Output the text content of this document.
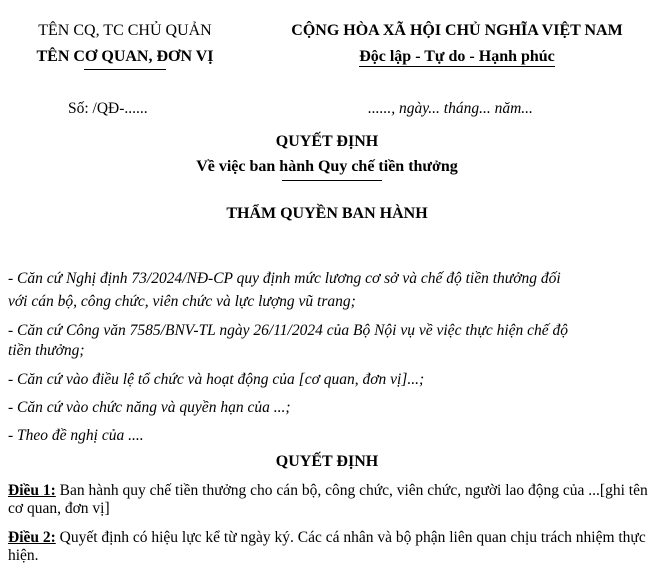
TÊN CQ, TC CHỦ QUẢN
TÊN CƠ QUAN, ĐƠN VỊ
CỘNG HÒA XÃ HỘI CHỦ NGHĨA VIỆT NAM
Độc lập - Tự do - Hạnh phúc
Số: /QĐ-......	......, ngày... tháng... năm...
QUYẾT ĐỊNH
Về việc ban hành Quy chế tiền thưởng
THẨM QUYỀN BAN HÀNH
- Căn cứ Nghị định 73/2024/NĐ-CP quy định mức lương cơ sở và chế độ tiền thưởng đối
với cán bộ, công chức, viên chức và lực lượng vũ trang;
- Căn cứ Công văn 7585/BNV-TL ngày 26/11/2024 của Bộ Nội vụ về việc thực hiện chế độ
tiền thưởng;
- Căn cứ vào điều lệ tổ chức và hoạt động của [cơ quan, đơn vị]...;
- Căn cứ vào chức năng và quyền hạn của ...;
- Theo đề nghị của ....
QUYẾT ĐỊNH
Điều 1: Ban hành quy chế tiền thưởng cho cán bộ, công chức, viên chức, người lao động của ...[ghi tên cơ quan, đơn vị]
Điều 2: Quyết định có hiệu lực kể từ ngày ký. Các cá nhân và bộ phận liên quan chịu trách nhiệm thực hiện.
